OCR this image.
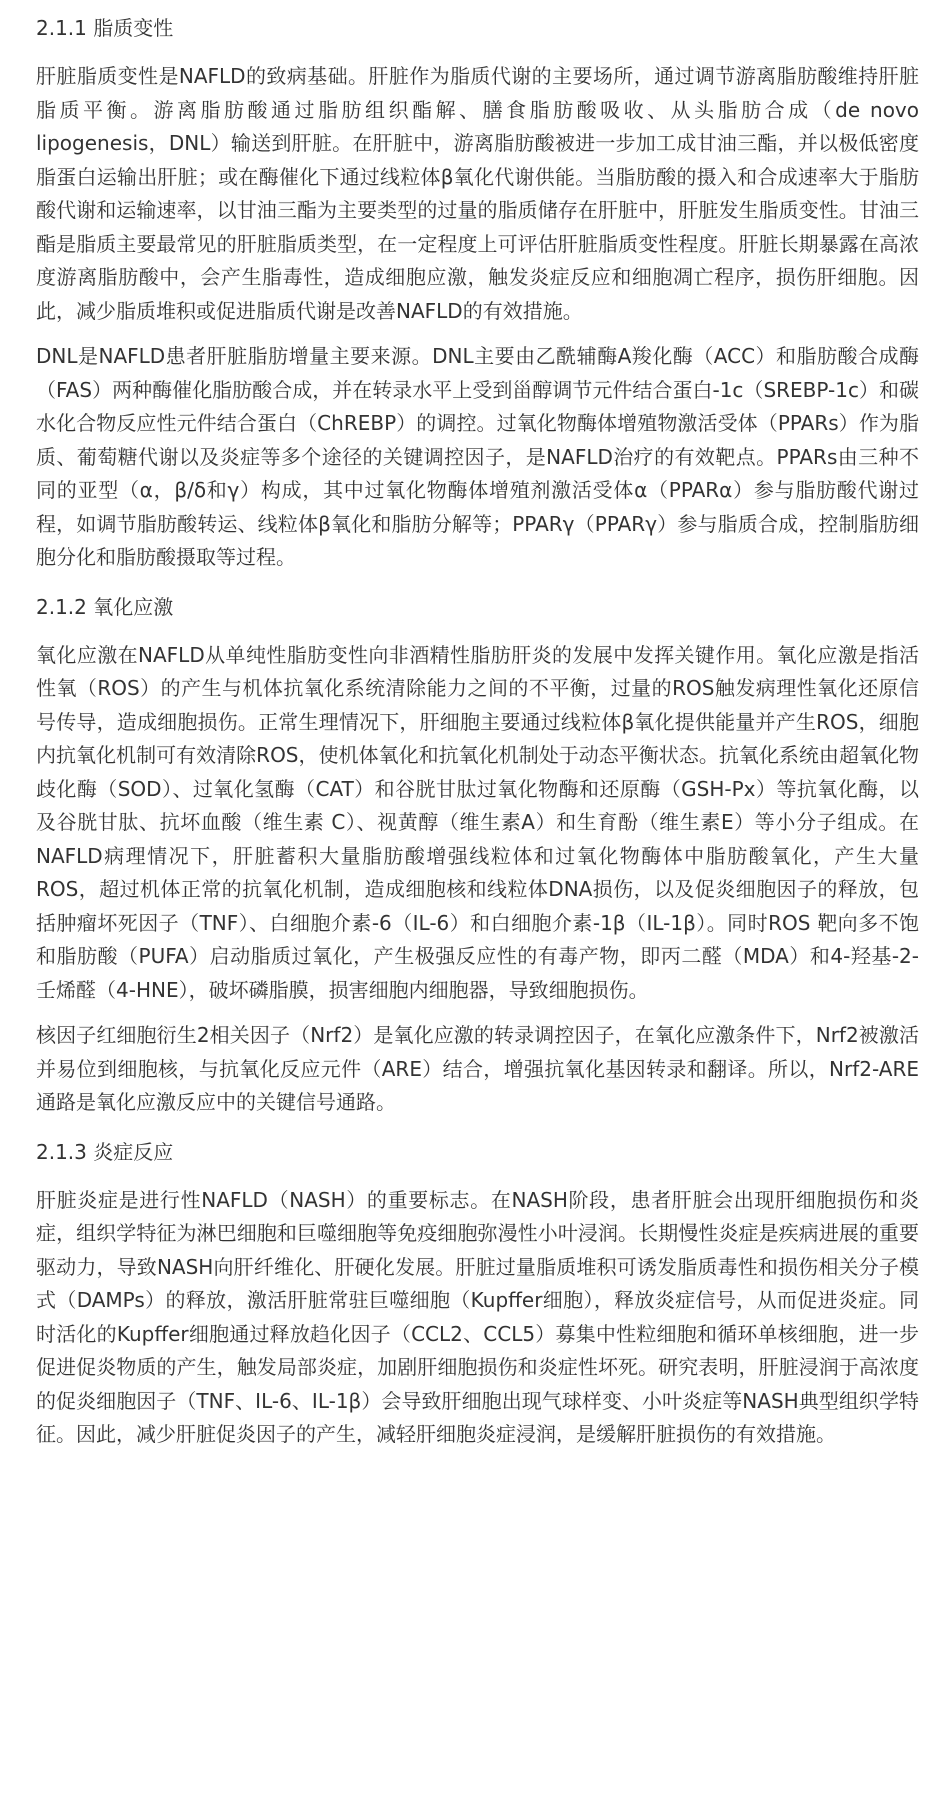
2.1.1 脂质变性

肝脏脂质变性是NAFLD的致病基础。肝脏作为脂质代谢的主要场所，通过调节游离脂肪酸维持肝脏脂质平衡。游离脂肪酸通过脂肪组织酯解、膳食脂肪酸吸收、从头脂肪合成（de novo lipogenesis，DNL）输送到肝脏。在肝脏中，游离脂肪酸被进一步加工成甘油三酯，并以极低密度脂蛋白运输出肝脏；或在酶催化下通过线粒体β氧化代谢供能。当脂肪酸的摄入和合成速率大于脂肪酸代谢和运输速率，以甘油三酯为主要类型的过量的脂质储存在肝脏中，肝脏发生脂质变性。甘油三酯是脂质主要最常见的肝脏脂质类型，在一定程度上可评估肝脏脂质变性程度。肝脏长期暴露在高浓度游离脂肪酸中，会产生脂毒性，造成细胞应激，触发炎症反应和细胞凋亡程序，损伤肝细胞。因此，减少脂质堆积或促进脂质代谢是改善NAFLD的有效措施。

DNL是NAFLD患者肝脏脂肪增量主要来源。DNL主要由乙酰辅酶A羧化酶（ACC）和脂肪酸合成酶（FAS）两种酶催化脂肪酸合成，并在转录水平上受到甾醇调节元件结合蛋白-1c（SREBP-1c）和碳水化合物反应性元件结合蛋白（ChREBP）的调控。过氧化物酶体增殖物激活受体（PPARs）作为脂质、葡萄糖代谢以及炎症等多个途径的关键调控因子，是NAFLD治疗的有效靶点。PPARs由三种不同的亚型（α，β/δ和γ）构成，其中过氧化物酶体增殖剂激活受体α（PPARα）参与脂肪酸代谢过程，如调节脂肪酸转运、线粒体β氧化和脂肪分解等；PPARγ（PPARγ）参与脂质合成，控制脂肪细胞分化和脂肪酸摄取等过程。

2.1.2 氧化应激

氧化应激在NAFLD从单纯性脂肪变性向非酒精性脂肪肝炎的发展中发挥关键作用。氧化应激是指活性氧（ROS）的产生与机体抗氧化系统清除能力之间的不平衡，过量的ROS触发病理性氧化还原信号传导，造成细胞损伤。正常生理情况下，肝细胞主要通过线粒体β氧化提供能量并产生ROS，细胞内抗氧化机制可有效清除ROS，使机体氧化和抗氧化机制处于动态平衡状态。抗氧化系统由超氧化物歧化酶（SOD）、过氧化氢酶（CAT）和谷胱甘肽过氧化物酶和还原酶（GSH-Px）等抗氧化酶，以及谷胱甘肽、抗坏血酸（维生素 C）、视黄醇（维生素A）和生育酚（维生素E）等小分子组成。在NAFLD病理情况下，肝脏蓄积大量脂肪酸增强线粒体和过氧化物酶体中脂肪酸氧化，产生大量ROS，超过机体正常的抗氧化机制，造成细胞核和线粒体DNA损伤，以及促炎细胞因子的释放，包括肿瘤坏死因子（TNF）、白细胞介素-6（IL-6）和白细胞介素-1β（IL-1β）。同时ROS 靶向多不饱和脂肪酸（PUFA）启动脂质过氧化，产生极强反应性的有毒产物，即丙二醛（MDA）和4-羟基-2-壬烯醛（4-HNE），破坏磷脂膜，损害细胞内细胞器，导致细胞损伤。

核因子红细胞衍生2相关因子（Nrf2）是氧化应激的转录调控因子，在氧化应激条件下，Nrf2被激活并易位到细胞核，与抗氧化反应元件（ARE）结合，增强抗氧化基因转录和翻译。所以，Nrf2-ARE通路是氧化应激反应中的关键信号通路。

2.1.3 炎症反应

肝脏炎症是进行性NAFLD（NASH）的重要标志。在NASH阶段，患者肝脏会出现肝细胞损伤和炎症，组织学特征为淋巴细胞和巨噬细胞等免疫细胞弥漫性小叶浸润。长期慢性炎症是疾病进展的重要驱动力，导致NASH向肝纤维化、肝硬化发展。肝脏过量脂质堆积可诱发脂质毒性和损伤相关分子模式（DAMPs）的释放，激活肝脏常驻巨噬细胞（Kupffer细胞），释放炎症信号，从而促进炎症。同时活化的Kupffer细胞通过释放趋化因子（CCL2、CCL5）募集中性粒细胞和循环单核细胞，进一步促进促炎物质的产生，触发局部炎症，加剧肝细胞损伤和炎症性坏死。研究表明，肝脏浸润于高浓度的促炎细胞因子（TNF、IL-6、IL-1β）会导致肝细胞出现气球样变、小叶炎症等NASH典型组织学特征。因此，减少肝脏促炎因子的产生，减轻肝细胞炎症浸润，是缓解肝脏损伤的有效措施。
